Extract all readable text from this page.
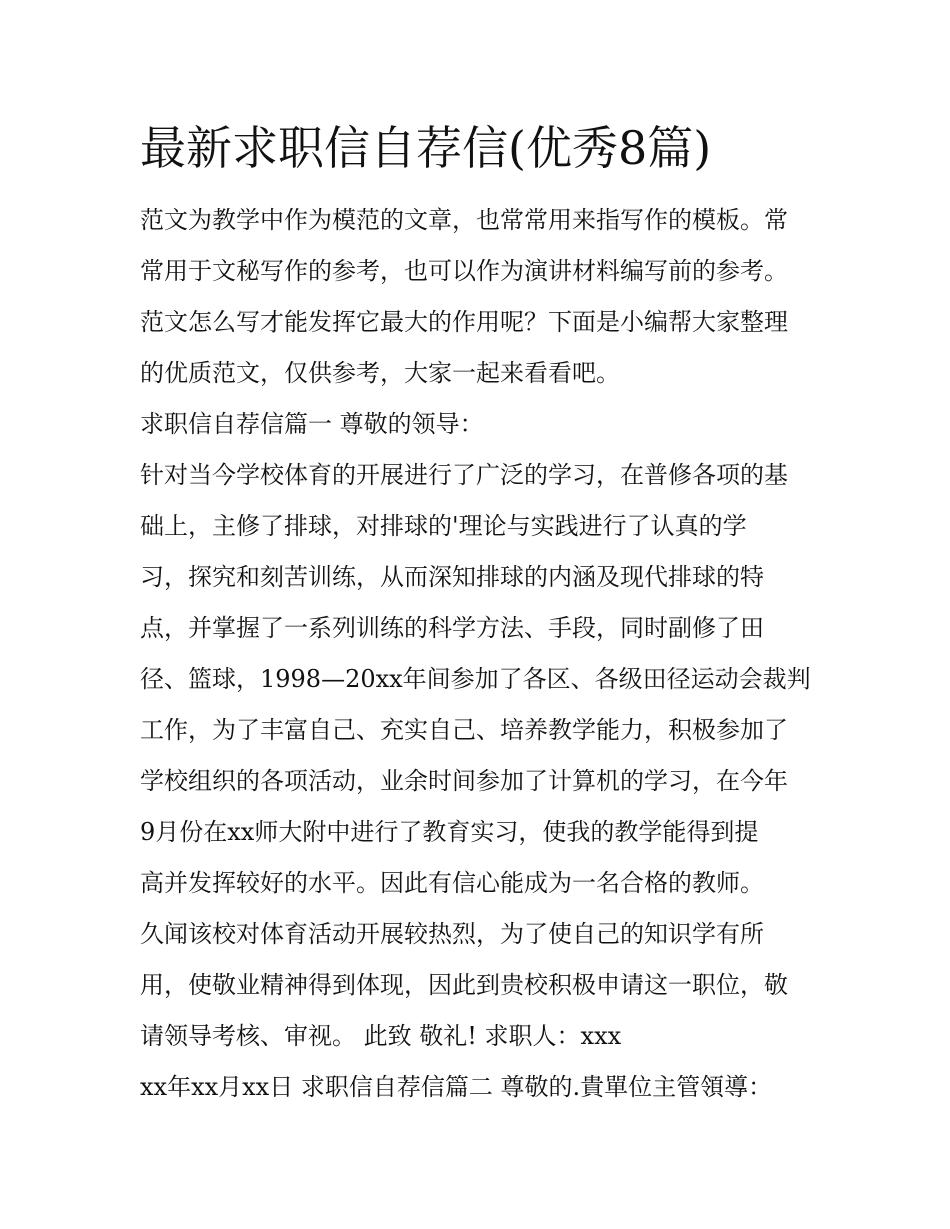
最新求职信自荐信(优秀8篇)

范文为教学中作为模范的文章，也常常用来指写作的模板。常

常用于文秘写作的参考，也可以作为演讲材料编写前的参考。

范文怎么写才能发挥它最大的作用呢？下面是小编帮大家整理

的优质范文，仅供参考，大家一起来看看吧。

求职信自荐信篇一 尊敬的领导：

针对当今学校体育的开展进行了广泛的学习，在普修各项的基

础上，主修了排球，对排球的'理论与实践进行了认真的学

习，探究和刻苦训练，从而深知排球的内涵及现代排球的特

点，并掌握了一系列训练的科学方法、手段，同时副修了田

径、篮球，1998—20xx年间参加了各区、各级田径运动会裁判

工作，为了丰富自己、充实自己、培养教学能力，积极参加了

学校组织的各项活动，业余时间参加了计算机的学习，在今年

9月份在xx师大附中进行了教育实习，使我的教学能得到提

高并发挥较好的水平。因此有信心能成为一名合格的教师。

久闻该校对体育活动开展较热烈，为了使自己的知识学有所

用，使敬业精神得到体现，因此到贵校积极申请这一职位，敬

请领导考核、审视。 此致 敬礼! 求职人：xxx

xx年xx月xx日 求职信自荐信篇二 尊敬的.貴單位主管領導：
